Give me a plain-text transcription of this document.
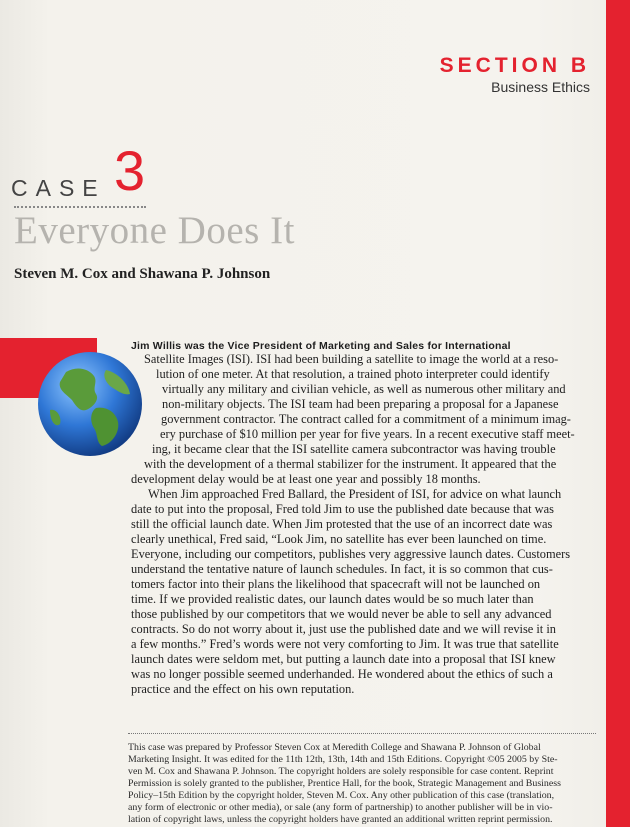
SECTION B
Business Ethics
CASE 3
Everyone Does It
Steven M. Cox and Shawana P. Johnson
Jim Willis was the Vice President of Marketing and Sales for International
Satellite Images (ISI). ISI had been building a satellite to image the world at a reso-
lution of one meter. At that resolution, a trained photo interpreter could identify
virtually any military and civilian vehicle, as well as numerous other military and
non-military objects. The ISI team had been preparing a proposal for a Japanese
government contractor. The contract called for a commitment of a minimum imag-
ery purchase of $10 million per year for five years. In a recent executive staff meet-
ing, it became clear that the ISI satellite camera subcontractor was having trouble
with the development of a thermal stabilizer for the instrument. It appeared that the
development delay would be at least one year and possibly 18 months.
When Jim approached Fred Ballard, the President of ISI, for advice on what launch
date to put into the proposal, Fred told Jim to use the published date because that was
still the official launch date. When Jim protested that the use of an incorrect date was
clearly unethical, Fred said, “Look Jim, no satellite has ever been launched on time.
Everyone, including our competitors, publishes very aggressive launch dates. Customers
understand the tentative nature of launch schedules. In fact, it is so common that cus-
tomers factor into their plans the likelihood that spacecraft will not be launched on
time. If we provided realistic dates, our launch dates would be so much later than
those published by our competitors that we would never be able to sell any advanced
contracts. So do not worry about it, just use the published date and we will revise it in
a few months.” Fred’s words were not very comforting to Jim. It was true that satellite
launch dates were seldom met, but putting a launch date into a proposal that ISI knew
was no longer possible seemed underhanded. He wondered about the ethics of such a
practice and the effect on his own reputation.
This case was prepared by Professor Steven Cox at Meredith College and Shawana P. Johnson of Global
Marketing Insight. It was edited for the 11th 12th, 13th, 14th and 15th Editions. Copyright ©05 2005 by Ste-
ven M. Cox and Shawana P. Johnson. The copyright holders are solely responsible for case content. Reprint
Permission is solely granted to the publisher, Prentice Hall, for the book, Strategic Management and Business
Policy–15th Edition by the copyright holder, Steven M. Cox. Any other publication of this case (translation,
any form of electronic or other media), or sale (any form of partnership) to another publisher will be in vio-
lation of copyright laws, unless the copyright holders have granted an additional written reprint permission.
